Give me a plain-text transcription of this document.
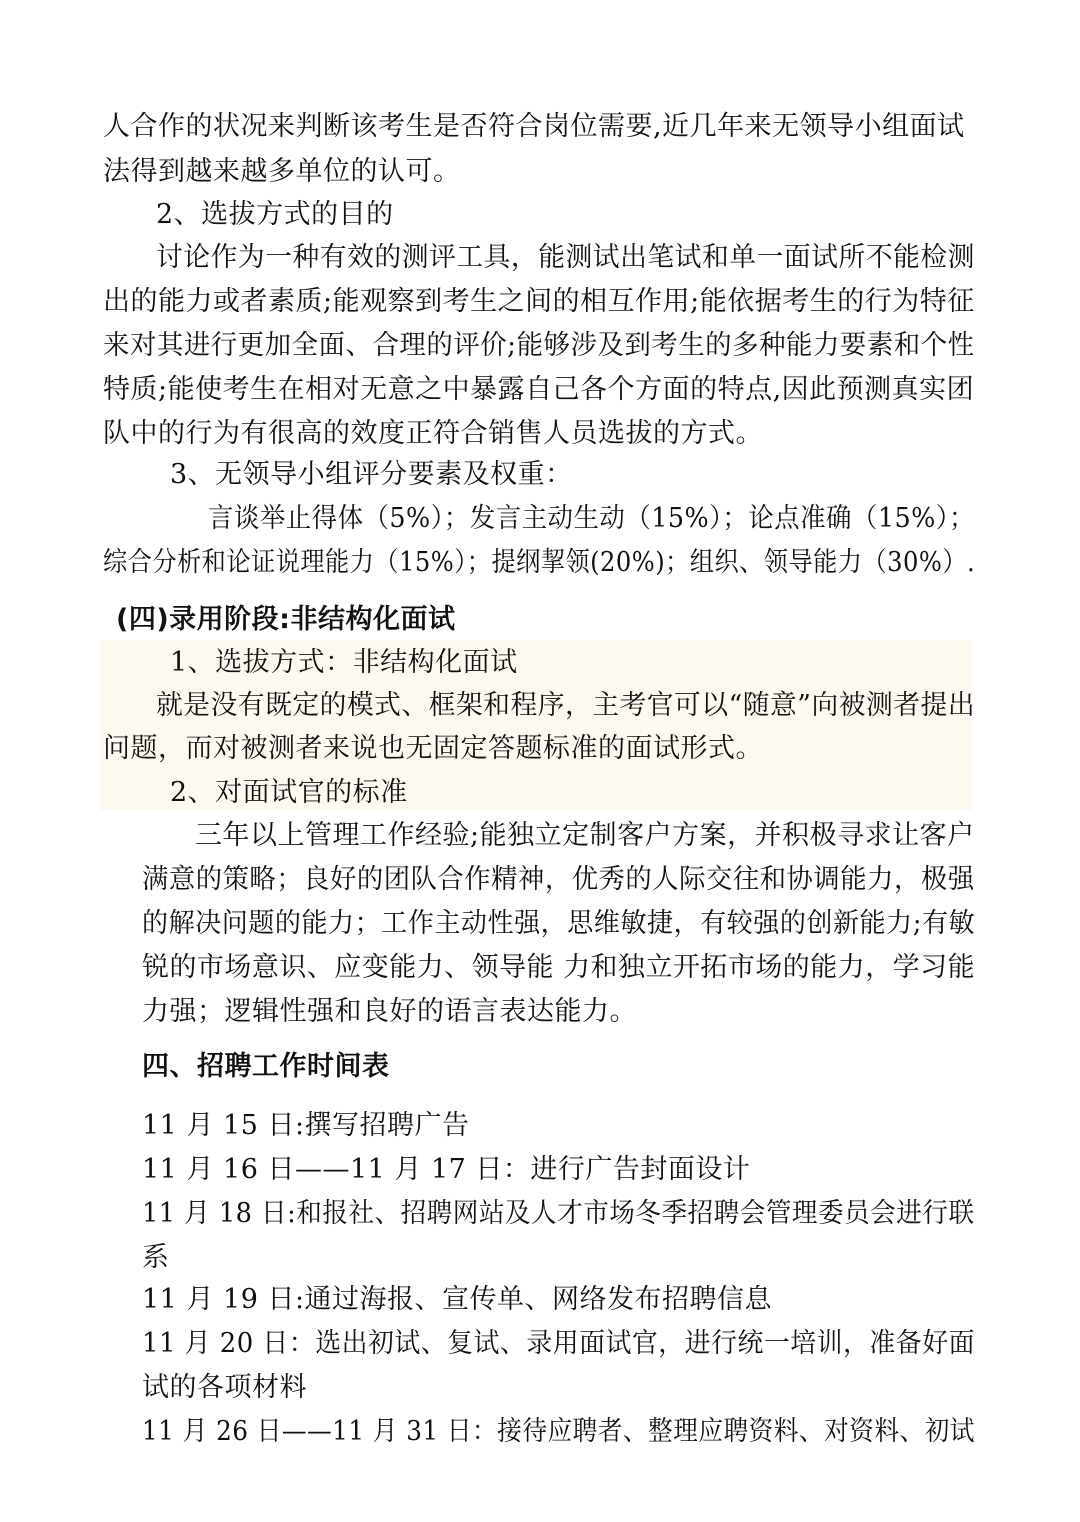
人合作的状况来判断该考生是否符合岗位需要,近几年来无领导小组面试
法得到越来越多单位的认可。
2、选拔方式的目的
讨论作为一种有效的测评工具，能测试出笔试和单一面试所不能检测
出的能力或者素质;能观察到考生之间的相互作用;能依据考生的行为特征
来对其进行更加全面、合理的评价;能够涉及到考生的多种能力要素和个性
特质;能使考生在相对无意之中暴露自己各个方面的特点,因此预测真实团
队中的行为有很高的效度正符合销售人员选拔的方式。
3、无领导小组评分要素及权重：
言谈举止得体（5%）；发言主动生动（15%）；论点准确（15%）；
综合分析和论证说理能力（15%）；提纲挈领(20%)；组织、领导能力（30%）.
(四)录用阶段:非结构化面试
1、选拔方式：非结构化面试
就是没有既定的模式、框架和程序，主考官可以“随意”向被测者提出
问题，而对被测者来说也无固定答题标准的面试形式。
2、对面试官的标准
三年以上管理工作经验;能独立定制客户方案，并积极寻求让客户
满意的策略；良好的团队合作精神，优秀的人际交往和协调能力，极强
的解决问题的能力；工作主动性强，思维敏捷，有较强的创新能力;有敏
锐的市场意识、应变能力、领导能 力和独立开拓市场的能力，学习能
力强；逻辑性强和良好的语言表达能力。
四、招聘工作时间表
11 月 15 日:撰写招聘广告
11 月 16 日——11 月 17 日：进行广告封面设计
11 月 18 日:和报社、招聘网站及人才市场冬季招聘会管理委员会进行联
系
11 月 19 日:通过海报、宣传单、网络发布招聘信息
11 月 20 日：选出初试、复试、录用面试官，进行统一培训，准备好面
试的各项材料
11 月 26 日——11 月 31 日：接待应聘者、整理应聘资料、对资料、初试
